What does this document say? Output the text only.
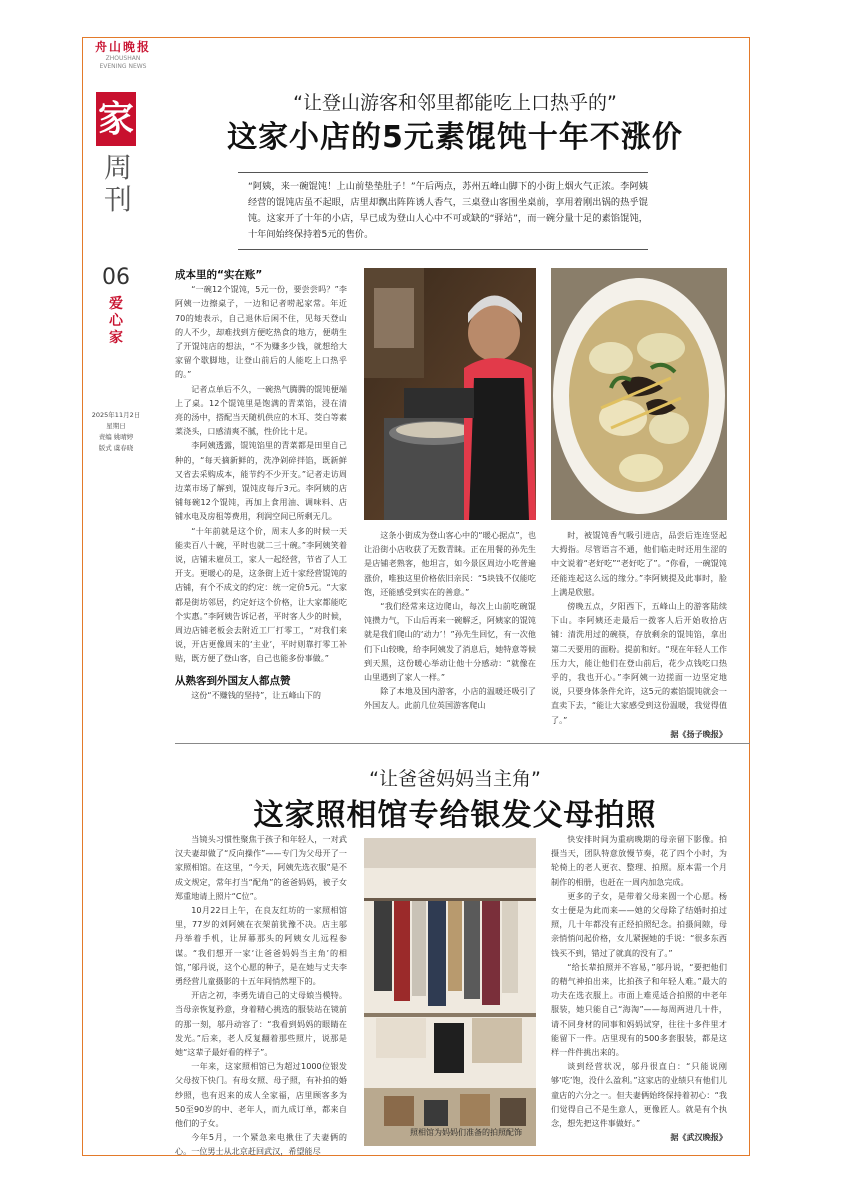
舟山晚报
ZHOUSHAN
EVENING NEWS
家
周刊
06
爱心家
2025年11月2日
星期日
责编 姚晴婷
版式 虞春晓
“让登山游客和邻里都能吃上口热乎的”
这家小店的5元素馄饨十年不涨价
“阿姨，来一碗馄饨！上山前垫垫肚子！”午后两点，苏州五峰山脚下的小街上烟火气正浓。李阿姨经营的馄饨店虽不起眼，店里却飘出阵阵诱人香气，三桌登山客围坐桌前，享用着刚出锅的热乎馄饨。这家开了十年的小店，早已成为登山人心中不可或缺的“驿站”，而一碗分量十足的素馅馄饨，十年间始终保持着5元的售价。

成本里的“实在账”

“一碗12个馄饨，5元一份，要尝尝吗？”李阿姨一边擦桌子，一边和记者唠起家常。年近70的她表示，自己退休后闲不住，见每天登山的人不少，却难找到方便吃热食的地方，便萌生了开馄饨店的想法，“不为赚多少钱，就想给大家留个歇脚地，让登山前后的人能吃上口热乎的。”

记者点单后不久，一碗热气腾腾的馄饨便端上了桌。12个馄饨里是饱满的青菜馅，浸在清亮的汤中，搭配当天随机供应的木耳、茭白等素菜浇头，口感清爽不腻，性价比十足。

李阿姨透露，馄饨馅里的青菜都是田里自己种的，“每天摘新鲜的，洗净剁碎拌馅，既新鲜又省去采购成本，能节约不少开支。”记者走访周边菜市场了解到，馄饨皮每斤3元。李阿姨的店铺每碗12个馄饨，再加上食用油、调味料、店铺水电及房租等费用，利润空间已所剩无几。

“十年前就是这个价，周末人多的时候一天能卖百八十碗，平时也就二三十碗。”李阿姨笑着说，店铺未雇员工，家人一起经营，节省了人工开支。更暖心的是，这条街上近十家经营馄饨的店铺，有个不成文的约定：统一定价5元。“大家都是街坊邻居，约定好这个价格，让大家都能吃个实惠。”李阿姨告诉记者，平时客人少的时候，周边店铺老板会去附近工厂打零工，“对我们来说，开店更像周末的‘主业’，平时则靠打零工补贴，既方便了登山客，自己也能多份事做。”

从熟客到外国友人都点赞

这份“不赚钱的坚持”，让五峰山下的

这条小街成为登山客心中的“暖心据点”，也让沿街小店收获了无数青睐。正在用餐的孙先生是店铺老熟客，他坦言，如今景区周边小吃普遍涨价，唯独这里价格依旧亲民：“5块钱不仅能吃饱，还能感受到实在的善意。”

“我们经常来这边爬山，每次上山前吃碗馄饨攒力气，下山后再来一碗解乏，阿姨家的馄饨就是我们爬山的‘动力’！”孙先生回忆，有一次他们下山较晚，给李阿姨发了消息后，她特意等候到天黑，这份暖心举动让他十分感动：“就像在山里遇到了家人一样。”

除了本地及国内游客，小店的温暖还吸引了外国友人。此前几位英国游客爬山

时，被馄饨香气吸引进店，品尝后连连竖起大拇指。尽管语言不通，他们临走时还用生涩的中文说着“老好吃”“老好吃了”。“你看，一碗馄饨还能连起这么远的缘分。”李阿姨提及此事时，脸上满是欣慰。

傍晚五点，夕阳西下，五峰山上的游客陆续下山。李阿姨还走最后一拨客人后开始收拾店铺：清洗用过的碗筷，存放剩余的馄饨馅，拿出第二天要用的面粉。提前和好。“现在年轻人工作压力大，能让他们在登山前后，花少点钱吃口热乎的，我也开心。”李阿姨一边搓面一边坚定地说，只要身体条件允许，这5元的素馅馄饨就会一直卖下去，“能让大家感受到这份温暖，我觉得值了。”

据《扬子晚报》

“让爸爸妈妈当主角”
这家照相馆专给银发父母拍照

当镜头习惯性聚焦于孩子和年轻人，一对武汉夫妻却做了“反向操作”——专门为父母开了一家照相馆。在这里，“今天，阿姨先选衣服”是不成文规定，常年打当“配角”的爸爸妈妈，被子女郑重地请上照片“C位”。

10月22日上午，在良友红坊的一家照相馆里，77岁的刘阿姨在衣架前犹豫不决。店主邬丹举着手机，让屏幕那头的阿姨女儿远程参谋。“我们想开一家‘让爸爸妈妈当主角’的相馆，”邬丹说，这个心愿的种子，是在她与丈夫李勇经营儿童摄影的十五年间悄然埋下的。

开店之初，李勇先请自己的丈母娘当模特。当母亲恢复矜意，身着精心挑选的服装站在镜前的那一刻，邬丹动容了：“我看到妈妈的眼睛在发光。”后来，老人反复翻着那些照片，说那是她“这辈子最好看的样子”。

一年来，这家照相馆已为超过1000位银发父母按下快门。有母女照、母子照，有补拍的婚纱照，也有迟来的成人全家福，店里顾客多为50至90岁的中、老年人，而九成订单，都来自他们的子女。

今年5月，一个紧急来电揪住了夫妻俩的心。一位男士从北京赶回武汉，希望能尽

照相馆为妈妈们准备的拍照配饰

快安排时间为重病晚期的母亲留下影像。拍摄当天，团队特意放慢节奏，花了四个小时，为轮椅上的老人更衣、整理、拍照。原本需一个月制作的相册，也赶在一周内加急完成。

更多的子女，是带着父母来圆一个心愿。杨女士便是为此而来——她的父母除了结婚时拍过照，几十年都没有正经拍照纪念。拍摄间隙，母亲悄悄问起价格，女儿紧握她的手说：“很多东西钱买不到，错过了就真的没有了。”

“给长辈拍照并不容易，”邬丹说，“要把他们的精气神拍出来，比拍孩子和年轻人难。”最大的功夫在选衣服上。市面上难觅适合拍照的中老年服装，她只能自己“海淘”——每周两进几十件，请不同身材的同事和妈妈试穿，往往十多件里才能留下一件。店里现有的500多套服装，都是这样一件件挑出来的。

谈到经营状况，邬丹很直白：“只能说刚够‘吃’饱，没什么盈利。”这家店的业绩只有他们儿童店的六分之一。但夫妻俩始终保持着初心：“我们觉得自己不是生意人，更像匠人。就是有个执念，想先把这件事做好。”

据《武汉晚报》
